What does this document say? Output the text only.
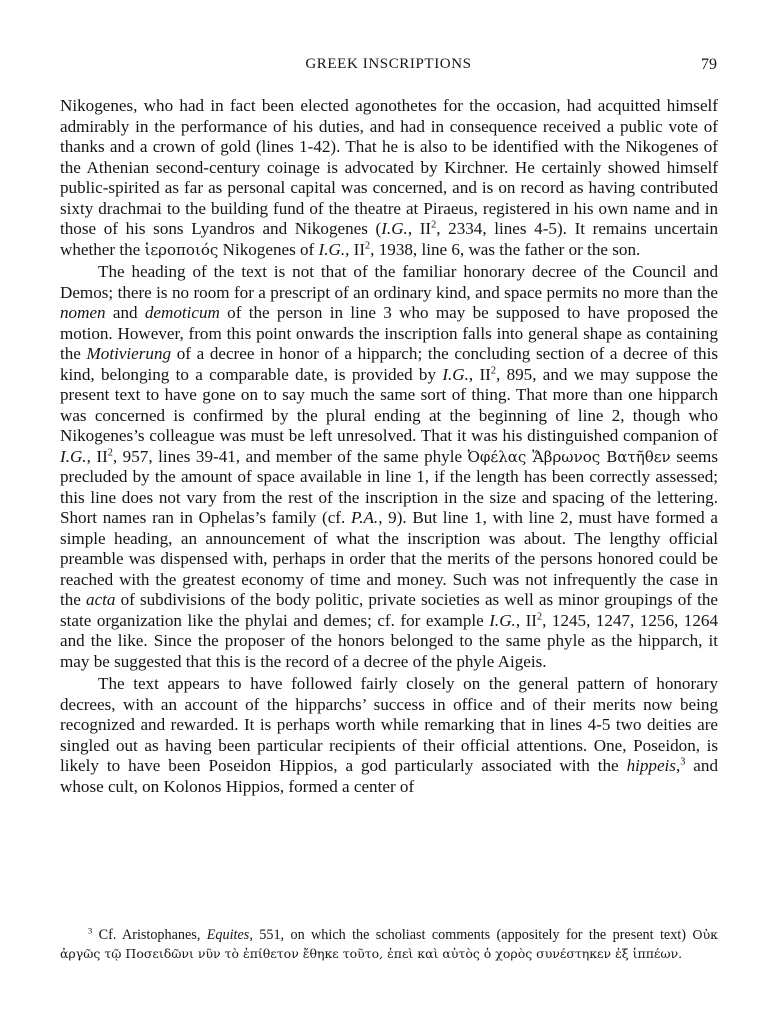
GREEK INSCRIPTIONS	79

Nikogenes, who had in fact been elected agonothetes for the occasion, had acquitted himself admirably in the performance of his duties, and had in consequence received a public vote of thanks and a crown of gold (lines 1-42). That he is also to be identified with the Nikogenes of the Athenian second-century coinage is advocated by Kirchner. He certainly showed himself public-spirited as far as personal capital was concerned, and is on record as having contributed sixty drachmai to the building fund of the theatre at Piraeus, registered in his own name and in those of his sons Lyandros and Nikogenes (I.G., $II^2$, 2334, lines 4-5). It remains uncertain whether the ἱεροποιός Nikogenes of I.G., $II^2$, 1938, line 6, was the father or the son.

The heading of the text is not that of the familiar honorary decree of the Council and Demos; there is no room for a prescript of an ordinary kind, and space permits no more than the nomen and demoticum of the person in line 3 who may be supposed to have proposed the motion. However, from this point onwards the inscription falls into general shape as containing the Motivierung of a decree in honor of a hipparch; the concluding section of a decree of this kind, belonging to a comparable date, is provided by I.G., $II^2$, 895, and we may suppose the present text to have gone on to say much the same sort of thing. That more than one hipparch was concerned is confirmed by the plural ending at the beginning of line 2, though who Nikogenes’s colleague was must be left unresolved. That it was his distinguished companion of I.G., $II^2$, 957, lines 39-41, and member of the same phyle Ὀφέλας Ἅβρωνος Βατῆθεν seems precluded by the amount of space available in line 1, if the length has been correctly assessed; this line does not vary from the rest of the inscription in the size and spacing of the lettering. Short names ran in Ophelas’s family (cf. P.A., 9). But line 1, with line 2, must have formed a simple heading, an announcement of what the inscription was about. The lengthy official preamble was dispensed with, perhaps in order that the merits of the persons honored could be reached with the greatest economy of time and money. Such was not infrequently the case in the acta of subdivisions of the body politic, private societies as well as minor groupings of the state organization like the phylai and demes; cf. for example I.G., $II^2$, 1245, 1247, 1256, 1264 and the like. Since the proposer of the honors belonged to the same phyle as the hipparch, it may be suggested that this is the record of a decree of the phyle Aigeis.

The text appears to have followed fairly closely on the general pattern of honorary decrees, with an account of the hipparchs’ success in office and of their merits now being recognized and rewarded. It is perhaps worth while remarking that in lines 4-5 two deities are singled out as having been particular recipients of their official attentions. One, Poseidon, is likely to have been Poseidon Hippios, a god particularly associated with the hippeis,$^3$ and whose cult, on Kolonos Hippios, formed a center of

$^3$ Cf. Aristophanes, Equites, 551, on which the scholiast comments (appositely for the present text) Οὐκ ἀργῶς τῷ Ποσειδῶνι νῦν τὸ ἐπίθετον ἔθηκε τοῦτο, ἐπεὶ καὶ αὐτὸς ὁ χορὸς συνέστηκεν ἐξ ἱππέων.
